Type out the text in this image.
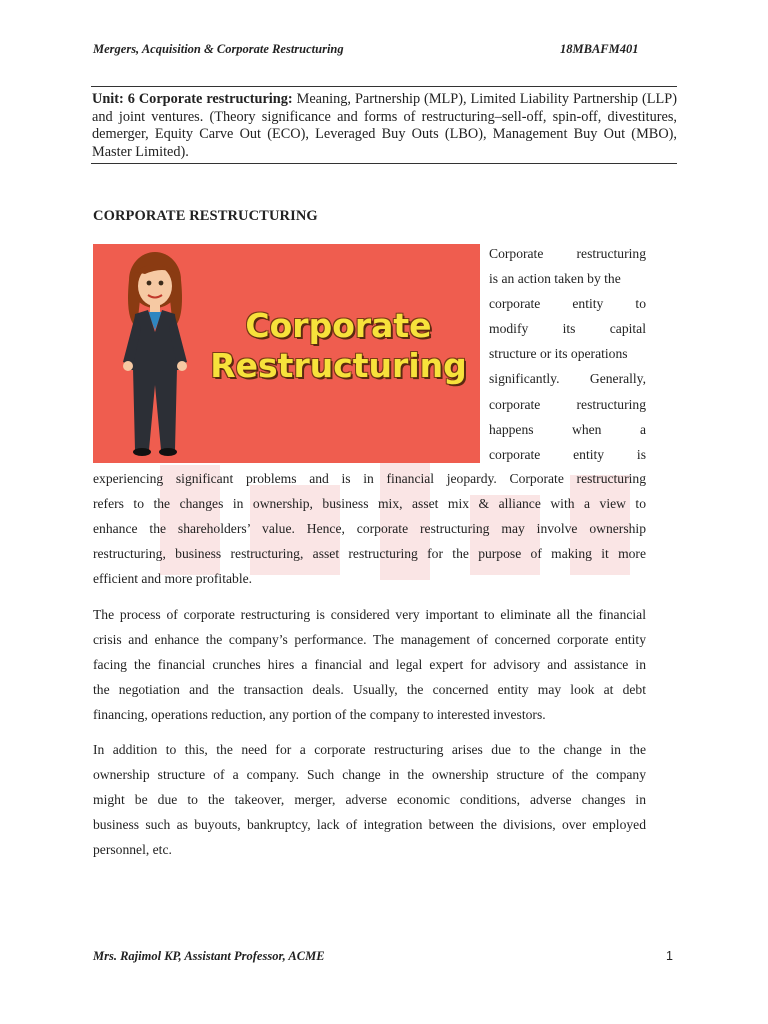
Mergers, Acquisition & Corporate Restructuring	18MBAFM401
Unit: 6 Corporate restructuring: Meaning, Partnership (MLP), Limited Liability Partnership (LLP) and joint ventures. (Theory significance and forms of restructuring–sell-off, spin-off, divestitures, demerger, Equity Carve Out (ECO), Leveraged Buy Outs (LBO), Management Buy Out (MBO), Master Limited).
CORPORATE RESTRUCTURING
Corporate
Restructuring
Corporate restructuring
is an action taken by the
corporate entity to
modify	its	capital
structure or its operations
significantly. Generally,
corporate	restructuring
happens	when	a
corporate entity is
experiencing significant problems and is in financial jeopardy. Corporate restructuring
refers to the changes in ownership, business mix, asset mix & alliance with a view to
enhance the shareholders’ value. Hence, corporate restructuring may involve ownership
restructuring, business restructuring, asset restructuring for the purpose of making it more
efficient and more profitable.
The process of corporate restructuring is considered very important to eliminate all the financial
crisis and enhance the company’s performance. The management of concerned corporate entity
facing the financial crunches hires a financial and legal expert for advisory and assistance in
the negotiation and the transaction deals. Usually, the concerned entity may look at debt
financing, operations reduction, any portion of the company to interested investors.
In addition to this, the need for a corporate restructuring arises due to the change in the
ownership structure of a company. Such change in the ownership structure of the company
might be due to the takeover, merger, adverse economic conditions, adverse changes in
business such as buyouts, bankruptcy, lack of integration between the divisions, over employed
personnel, etc.
Mrs. Rajimol KP, Assistant Professor, ACME	1
